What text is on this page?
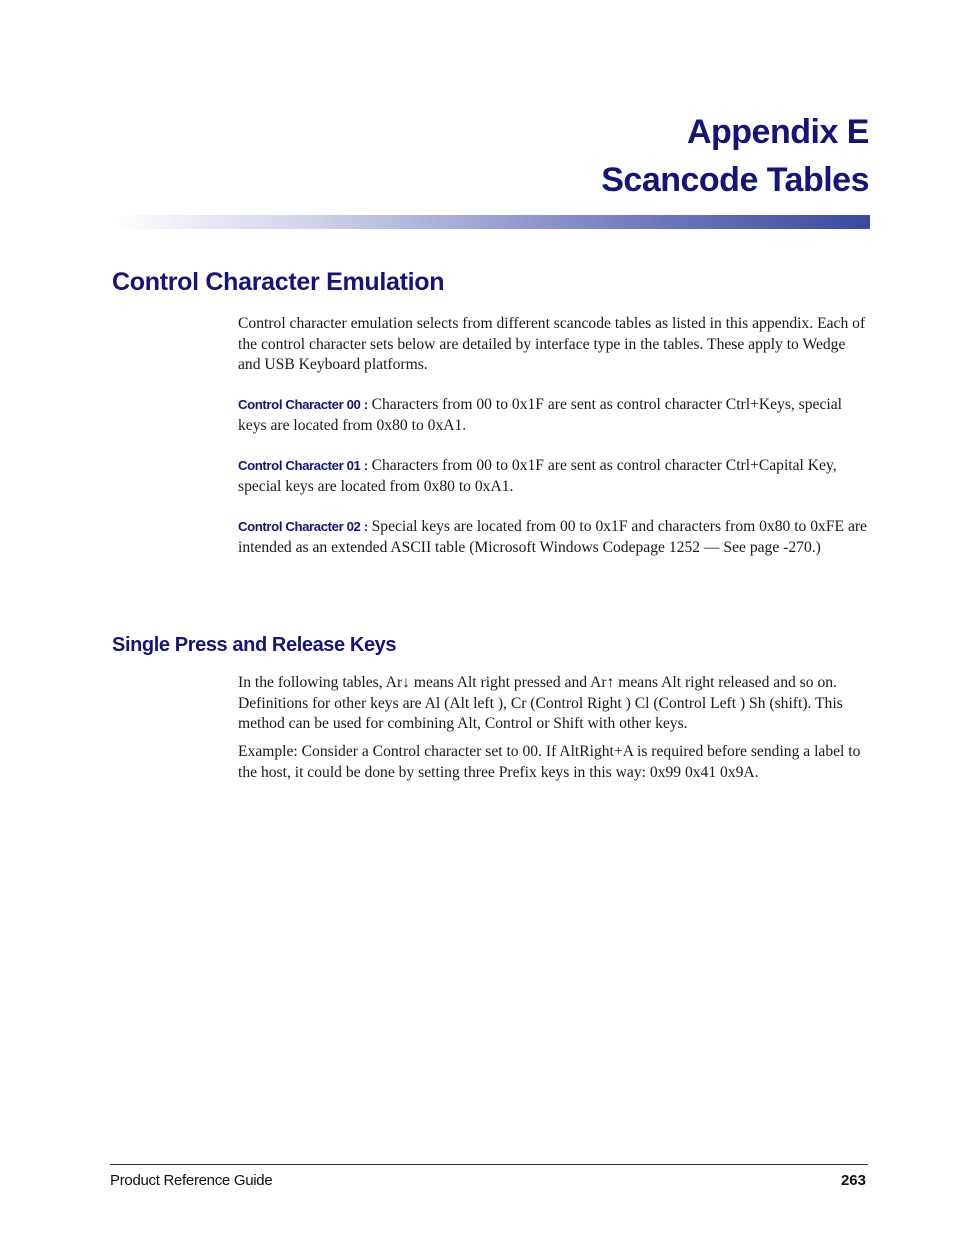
Appendix E
Scancode Tables
Control Character Emulation
Control character emulation selects from different scancode tables as listed in this appendix. Each of the control character sets below are detailed by interface type in the tables. These apply to Wedge and USB Keyboard platforms.
Control Character 00 : Characters from 00 to 0x1F are sent as control character Ctrl+Keys, special keys are located from 0x80 to 0xA1.
Control Character 01 : Characters from 00 to 0x1F are sent as control character Ctrl+Capital Key, special keys are located from 0x80 to 0xA1.
Control Character 02 : Special keys are located from 00 to 0x1F and characters from 0x80 to 0xFE are intended as an extended ASCII table (Microsoft Windows Codepage 1252 — See page -270.)
Single Press and Release Keys
In the following tables, Ar↓ means Alt right pressed and Ar↑ means Alt right released and so on. Definitions for other keys are Al (Alt left ), Cr (Control Right ) Cl (Control Left ) Sh (shift). This method can be used for combining Alt, Control or Shift with other keys.
Example: Consider a Control character set to 00. If AltRight+A is required before sending a label to the host, it could be done by setting three Prefix keys in this way: 0x99 0x41 0x9A.
Product Reference Guide	263
